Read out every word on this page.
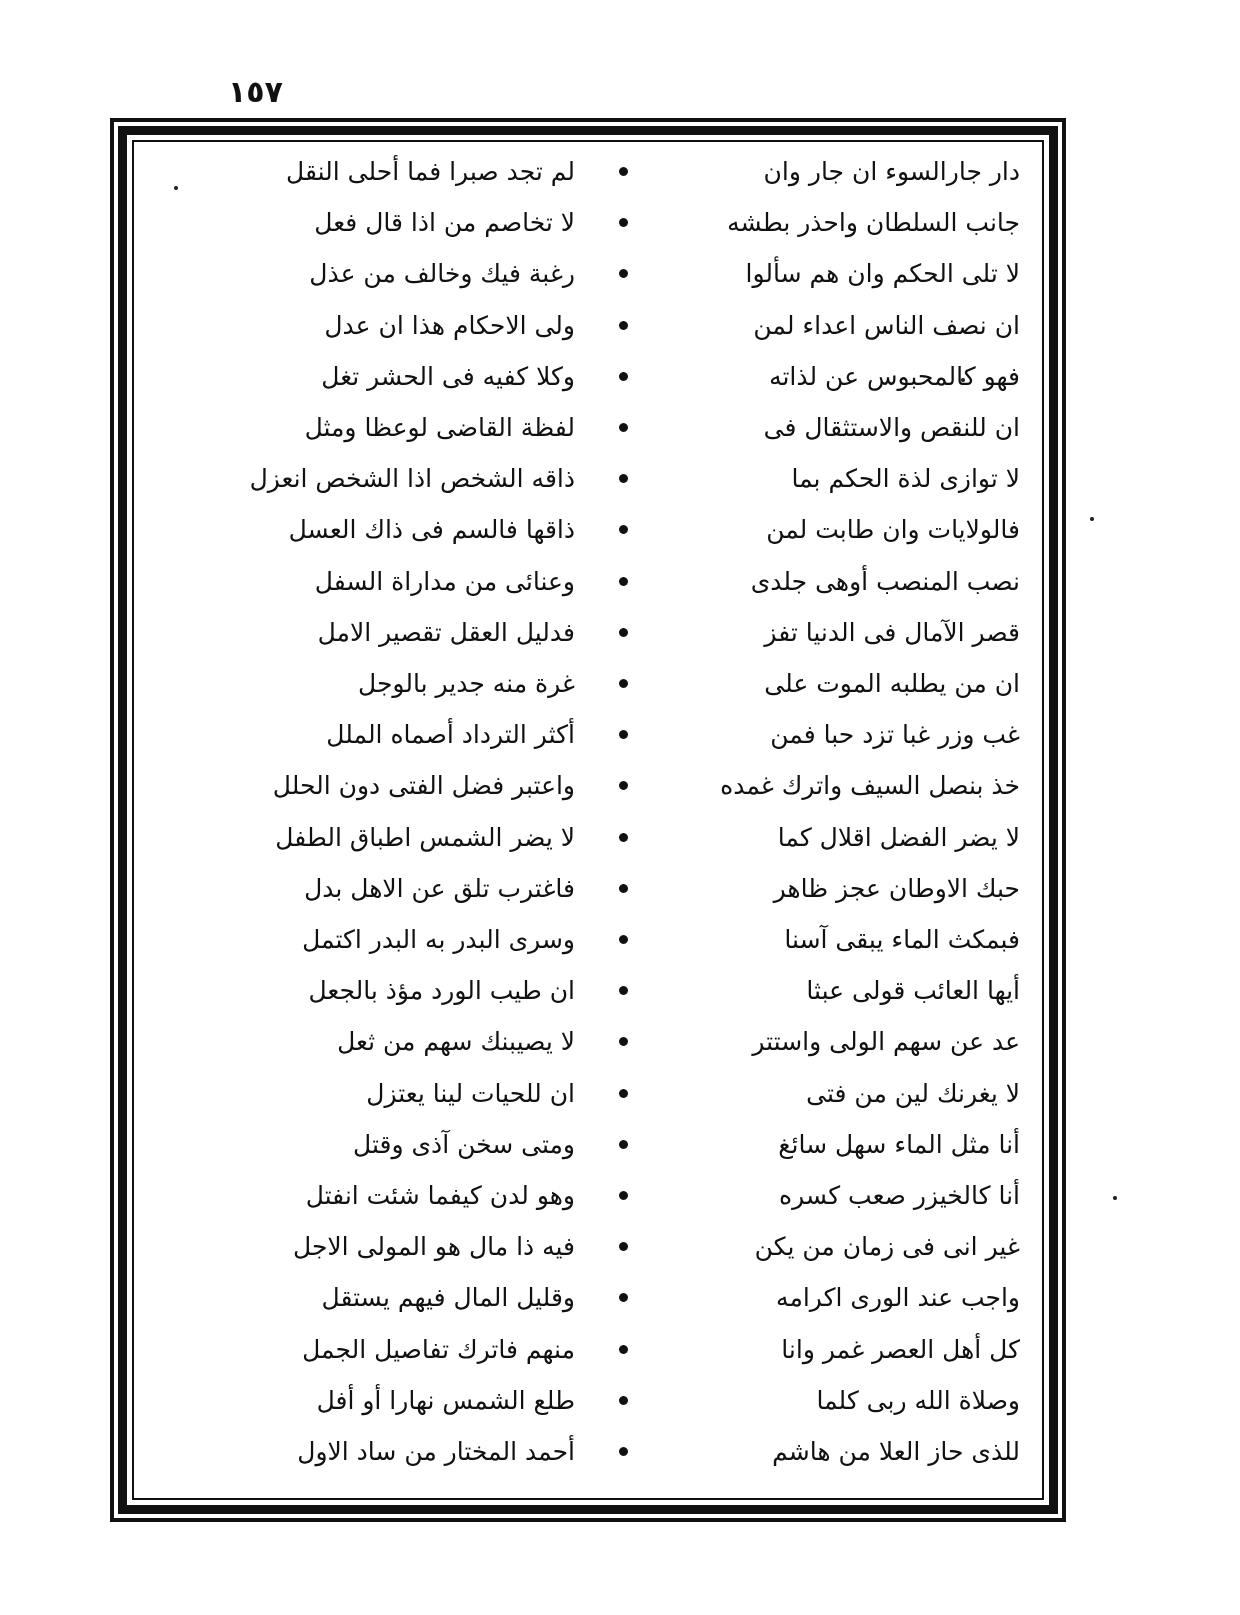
١٥٧
دار جارالسوء ان جار وان
لم تجد صبرا فما أحلى النقل
جانب السلطان واحذر بطشه
لا تخاصم من اذا قال فعل
لا تلى الحكم وان هم سألوا
رغبة فيك وخالف من عذل
ان نصف الناس اعداء لمن
ولى الاحكام هذا ان عدل
فهو كالمحبوس عن لذاته
وكلا كفيه فى الحشر تغل
ان للنقص والاستثقال فى
لفظة القاضى لوعظا ومثل
لا توازى لذة الحكم بما
ذاقه الشخص اذا الشخص انعزل
فالولايات وان طابت لمن
ذاقها فالسم فى ذاك العسل
نصب المنصب أوهى جلدى
وعنائى من مداراة السفل
قصر الآمال فى الدنيا تفز
فدليل العقل تقصير الامل
ان من يطلبه الموت على
غرة منه جدير بالوجل
غب وزر غبا تزد حبا فمن
أكثر الترداد أصماه الملل
خذ بنصل السيف واترك غمده
واعتبر فضل الفتى دون الحلل
لا يضر الفضل اقلال كما
لا يضر الشمس اطباق الطفل
حبك الاوطان عجز ظاهر
فاغترب تلق عن الاهل بدل
فبمكث الماء يبقى آسنا
وسرى البدر به البدر اكتمل
أيها العائب قولى عبثا
ان طيب الورد مؤذ بالجعل
عد عن سهم الولى واستتر
لا يصيبنك سهم من ثعل
لا يغرنك لين من فتى
ان للحيات لينا يعتزل
أنا مثل الماء سهل سائغ
ومتى سخن آذى وقتل
أنا كالخيزر صعب كسره
وهو لدن كيفما شئت انفتل
غير انى فى زمان من يكن
فيه ذا مال هو المولى الاجل
واجب عند الورى اكرامه
وقليل المال فيهم يستقل
كل أهل العصر غمر وانا
منهم فاترك تفاصيل الجمل
وصلاة الله ربى كلما
طلع الشمس نهارا أو أفل
للذى حاز العلا من هاشم
أحمد المختار من ساد الاول
